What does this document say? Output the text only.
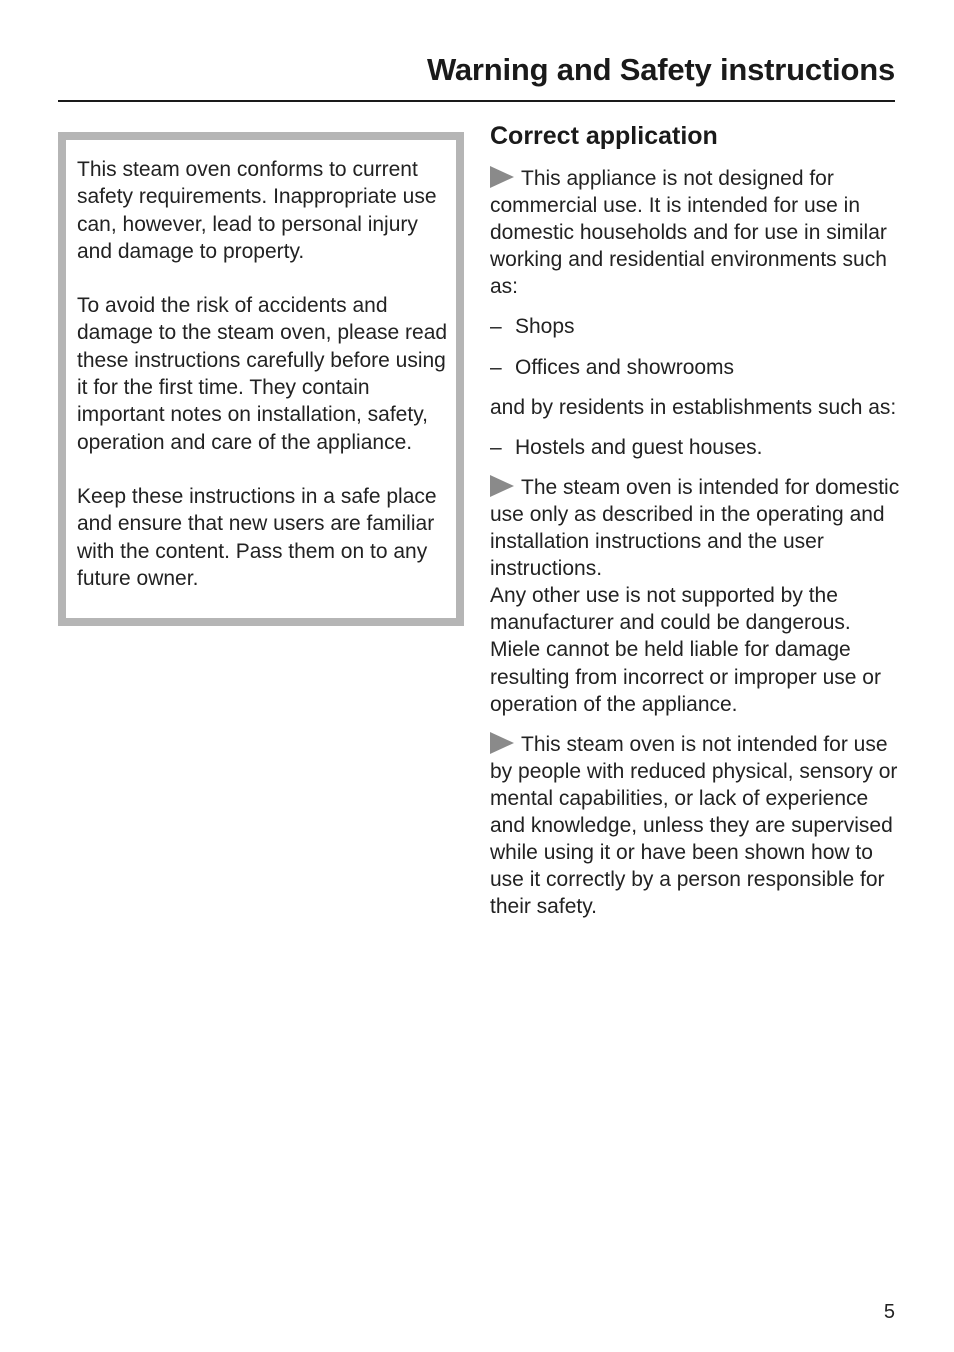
Warning and Safety instructions

This steam oven conforms to current safety requirements. Inappropriate use can, however, lead to personal injury and damage to property.

To avoid the risk of accidents and damage to the steam oven, please read these instructions carefully before using it for the first time. They contain important notes on installation, safety, operation and care of the appliance.

Keep these instructions in a safe place and ensure that new users are familiar with the content. Pass them on to any future owner.

Correct application

This appliance is not designed for commercial use. It is intended for use in domestic households and for use in similar working and residential environments such as:

– Shops
– Offices and showrooms

and by residents in establishments such as:

– Hostels and guest houses.

The steam oven is intended for domestic use only as described in the operating and installation instructions and the user instructions.
Any other use is not supported by the manufacturer and could be dangerous. Miele cannot be held liable for damage resulting from incorrect or improper use or operation of the appliance.

This steam oven is not intended for use by people with reduced physical, sensory or mental capabilities, or lack of experience and knowledge, unless they are supervised while using it or have been shown how to use it correctly by a person responsible for their safety.

5
